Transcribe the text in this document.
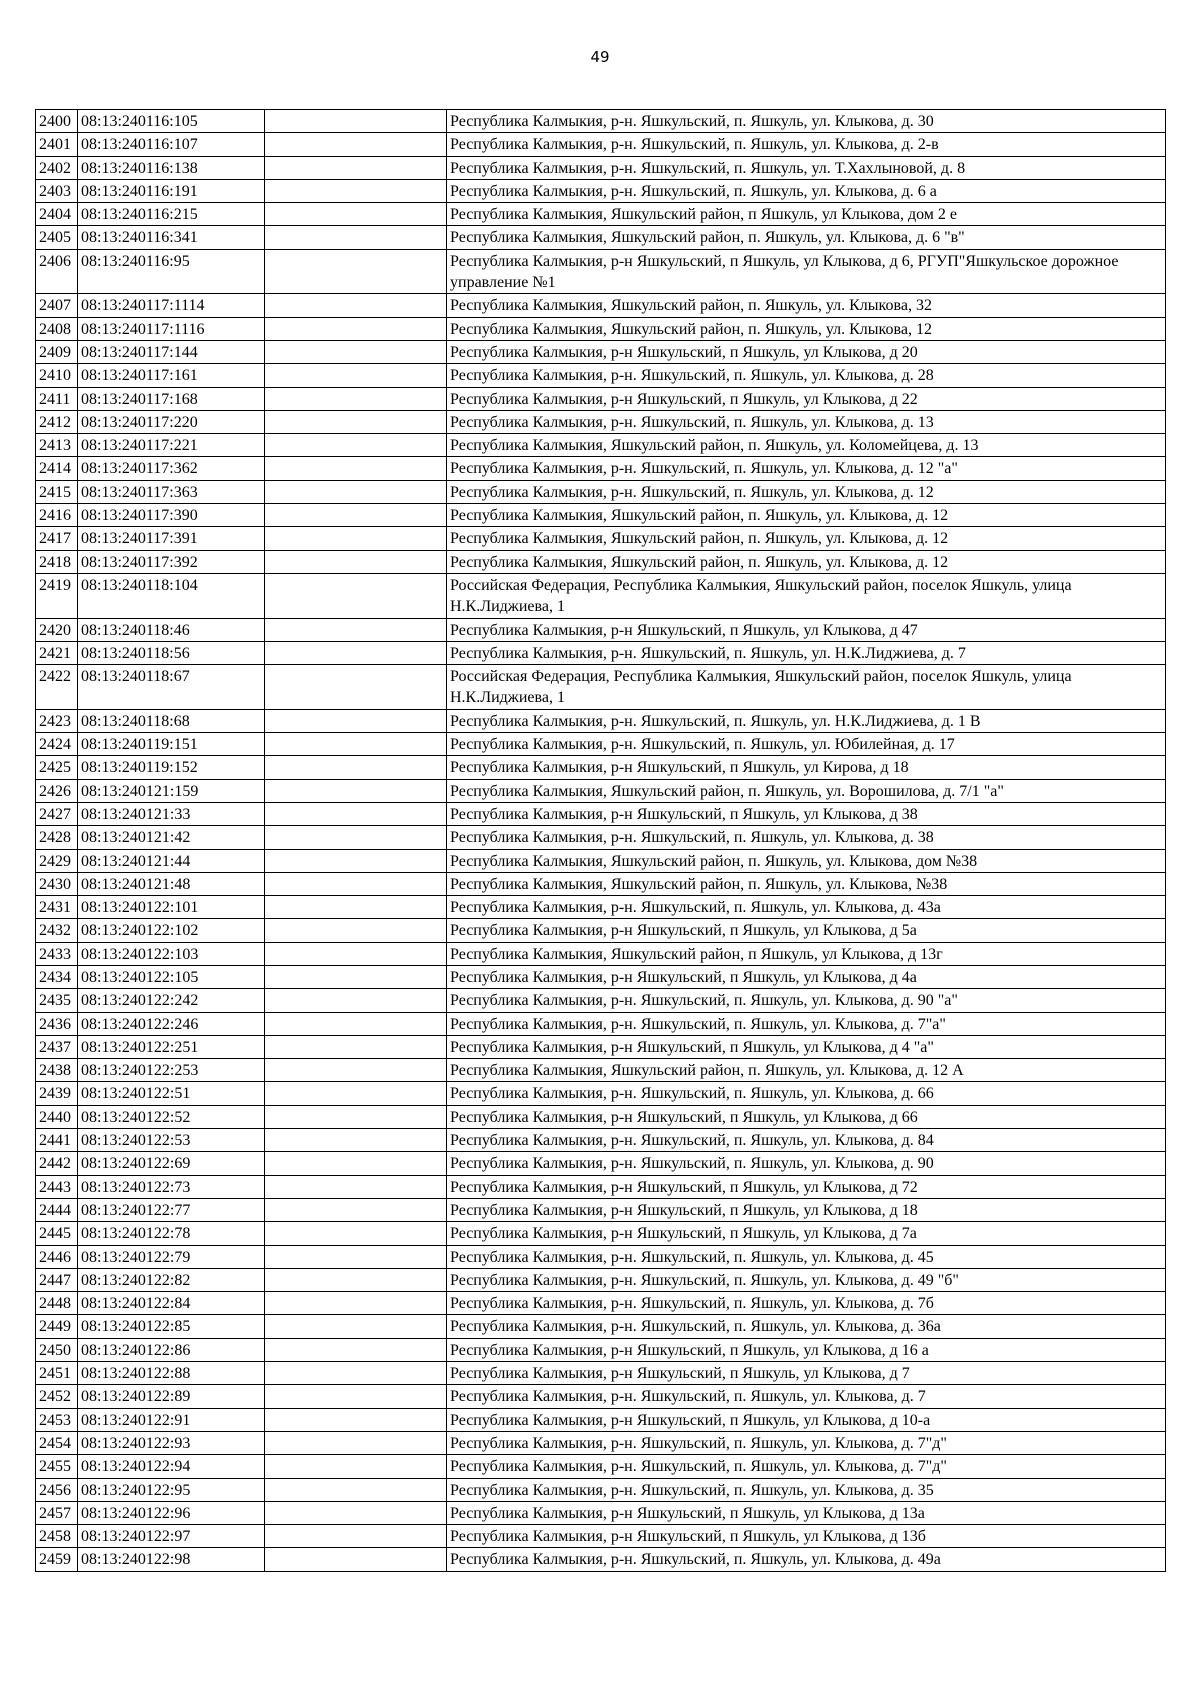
49
2400	08:13:240116:105		Республика Калмыкия, р-н. Яшкульский, п. Яшкуль, ул. Клыкова, д. 30
2401	08:13:240116:107		Республика Калмыкия, р-н. Яшкульский, п. Яшкуль, ул. Клыкова, д. 2-в
2402	08:13:240116:138		Республика Калмыкия, р-н. Яшкульский, п. Яшкуль, ул. Т.Хахлыновой, д. 8
2403	08:13:240116:191		Республика Калмыкия, р-н. Яшкульский, п. Яшкуль, ул. Клыкова, д. 6 а
2404	08:13:240116:215		Республика Калмыкия, Яшкульский район, п Яшкуль, ул Клыкова, дом 2 е
2405	08:13:240116:341		Республика Калмыкия, Яшкульский район, п. Яшкуль, ул. Клыкова, д. 6 "в"
2406	08:13:240116:95		Республика Калмыкия, р-н Яшкульский, п Яшкуль, ул Клыкова, д 6, РГУП"Яшкульское дорожное управление №1
2407	08:13:240117:1114		Республика Калмыкия, Яшкульский район, п. Яшкуль, ул. Клыкова, 32
2408	08:13:240117:1116		Республика Калмыкия, Яшкульский район, п. Яшкуль, ул. Клыкова, 12
2409	08:13:240117:144		Республика Калмыкия, р-н Яшкульский, п Яшкуль, ул Клыкова, д 20
2410	08:13:240117:161		Республика Калмыкия, р-н. Яшкульский, п. Яшкуль, ул. Клыкова, д. 28
2411	08:13:240117:168		Республика Калмыкия, р-н Яшкульский, п Яшкуль, ул Клыкова, д 22
2412	08:13:240117:220		Республика Калмыкия, р-н. Яшкульский, п. Яшкуль, ул. Клыкова, д. 13
2413	08:13:240117:221		Республика Калмыкия, Яшкульский район, п. Яшкуль, ул. Коломейцева, д. 13
2414	08:13:240117:362		Республика Калмыкия, р-н. Яшкульский, п. Яшкуль, ул. Клыкова, д. 12 "а"
2415	08:13:240117:363		Республика Калмыкия, р-н. Яшкульский, п. Яшкуль, ул. Клыкова, д. 12
2416	08:13:240117:390		Республика Калмыкия, Яшкульский район, п. Яшкуль, ул. Клыкова, д. 12
2417	08:13:240117:391		Республика Калмыкия, Яшкульский район, п. Яшкуль, ул. Клыкова, д. 12
2418	08:13:240117:392		Республика Калмыкия, Яшкульский район, п. Яшкуль, ул. Клыкова, д. 12
2419	08:13:240118:104		Российская Федерация, Республика Калмыкия, Яшкульский район, поселок Яшкуль, улица Н.К.Лиджиева, 1
2420	08:13:240118:46		Республика Калмыкия, р-н Яшкульский, п Яшкуль, ул Клыкова, д 47
2421	08:13:240118:56		Республика Калмыкия, р-н. Яшкульский, п. Яшкуль, ул. Н.К.Лиджиева, д. 7
2422	08:13:240118:67		Российская Федерация, Республика Калмыкия, Яшкульский район, поселок Яшкуль, улица Н.К.Лиджиева, 1
2423	08:13:240118:68		Республика Калмыкия, р-н. Яшкульский, п. Яшкуль, ул. Н.К.Лиджиева, д. 1 В
2424	08:13:240119:151		Республика Калмыкия, р-н. Яшкульский, п. Яшкуль, ул. Юбилейная, д. 17
2425	08:13:240119:152		Республика Калмыкия, р-н Яшкульский, п Яшкуль, ул Кирова, д 18
2426	08:13:240121:159		Республика Калмыкия, Яшкульский район, п. Яшкуль, ул. Ворошилова, д. 7/1 "а"
2427	08:13:240121:33		Республика Калмыкия, р-н Яшкульский, п Яшкуль, ул Клыкова, д 38
2428	08:13:240121:42		Республика Калмыкия, р-н. Яшкульский, п. Яшкуль, ул. Клыкова, д. 38
2429	08:13:240121:44		Республика Калмыкия, Яшкульский район, п. Яшкуль, ул. Клыкова, дом №38
2430	08:13:240121:48		Республика Калмыкия, Яшкульский район, п. Яшкуль, ул. Клыкова, №38
2431	08:13:240122:101		Республика Калмыкия, р-н. Яшкульский, п. Яшкуль, ул. Клыкова, д. 43а
2432	08:13:240122:102		Республика Калмыкия, р-н Яшкульский, п Яшкуль, ул Клыкова, д 5а
2433	08:13:240122:103		Республика Калмыкия, Яшкульский район, п Яшкуль, ул Клыкова, д 13г
2434	08:13:240122:105		Республика Калмыкия, р-н Яшкульский, п Яшкуль, ул Клыкова, д 4а
2435	08:13:240122:242		Республика Калмыкия, р-н. Яшкульский, п. Яшкуль, ул. Клыкова, д. 90 "а"
2436	08:13:240122:246		Республика Калмыкия, р-н. Яшкульский, п. Яшкуль, ул. Клыкова, д. 7"а"
2437	08:13:240122:251		Республика Калмыкия, р-н Яшкульский, п Яшкуль, ул Клыкова, д 4 "а"
2438	08:13:240122:253		Республика Калмыкия, Яшкульский район, п. Яшкуль, ул. Клыкова, д. 12 А
2439	08:13:240122:51		Республика Калмыкия, р-н. Яшкульский, п. Яшкуль, ул. Клыкова, д. 66
2440	08:13:240122:52		Республика Калмыкия, р-н Яшкульский, п Яшкуль, ул Клыкова, д 66
2441	08:13:240122:53		Республика Калмыкия, р-н. Яшкульский, п. Яшкуль, ул. Клыкова, д. 84
2442	08:13:240122:69		Республика Калмыкия, р-н. Яшкульский, п. Яшкуль, ул. Клыкова, д. 90
2443	08:13:240122:73		Республика Калмыкия, р-н Яшкульский, п Яшкуль, ул Клыкова, д 72
2444	08:13:240122:77		Республика Калмыкия, р-н Яшкульский, п Яшкуль, ул Клыкова, д 18
2445	08:13:240122:78		Республика Калмыкия, р-н Яшкульский, п Яшкуль, ул Клыкова, д 7а
2446	08:13:240122:79		Республика Калмыкия, р-н. Яшкульский, п. Яшкуль, ул. Клыкова, д. 45
2447	08:13:240122:82		Республика Калмыкия, р-н. Яшкульский, п. Яшкуль, ул. Клыкова, д. 49 "б"
2448	08:13:240122:84		Республика Калмыкия, р-н. Яшкульский, п. Яшкуль, ул. Клыкова, д. 7б
2449	08:13:240122:85		Республика Калмыкия, р-н. Яшкульский, п. Яшкуль, ул. Клыкова, д. 36а
2450	08:13:240122:86		Республика Калмыкия, р-н Яшкульский, п Яшкуль, ул Клыкова, д 16 а
2451	08:13:240122:88		Республика Калмыкия, р-н Яшкульский, п Яшкуль, ул Клыкова, д 7
2452	08:13:240122:89		Республика Калмыкия, р-н. Яшкульский, п. Яшкуль, ул. Клыкова, д. 7
2453	08:13:240122:91		Республика Калмыкия, р-н Яшкульский, п Яшкуль, ул Клыкова, д 10-а
2454	08:13:240122:93		Республика Калмыкия, р-н. Яшкульский, п. Яшкуль, ул. Клыкова, д. 7"д"
2455	08:13:240122:94		Республика Калмыкия, р-н. Яшкульский, п. Яшкуль, ул. Клыкова, д. 7"д"
2456	08:13:240122:95		Республика Калмыкия, р-н. Яшкульский, п. Яшкуль, ул. Клыкова, д. 35
2457	08:13:240122:96		Республика Калмыкия, р-н Яшкульский, п Яшкуль, ул Клыкова, д 13а
2458	08:13:240122:97		Республика Калмыкия, р-н Яшкульский, п Яшкуль, ул Клыкова, д 13б
2459	08:13:240122:98		Республика Калмыкия, р-н. Яшкульский, п. Яшкуль, ул. Клыкова, д. 49а
